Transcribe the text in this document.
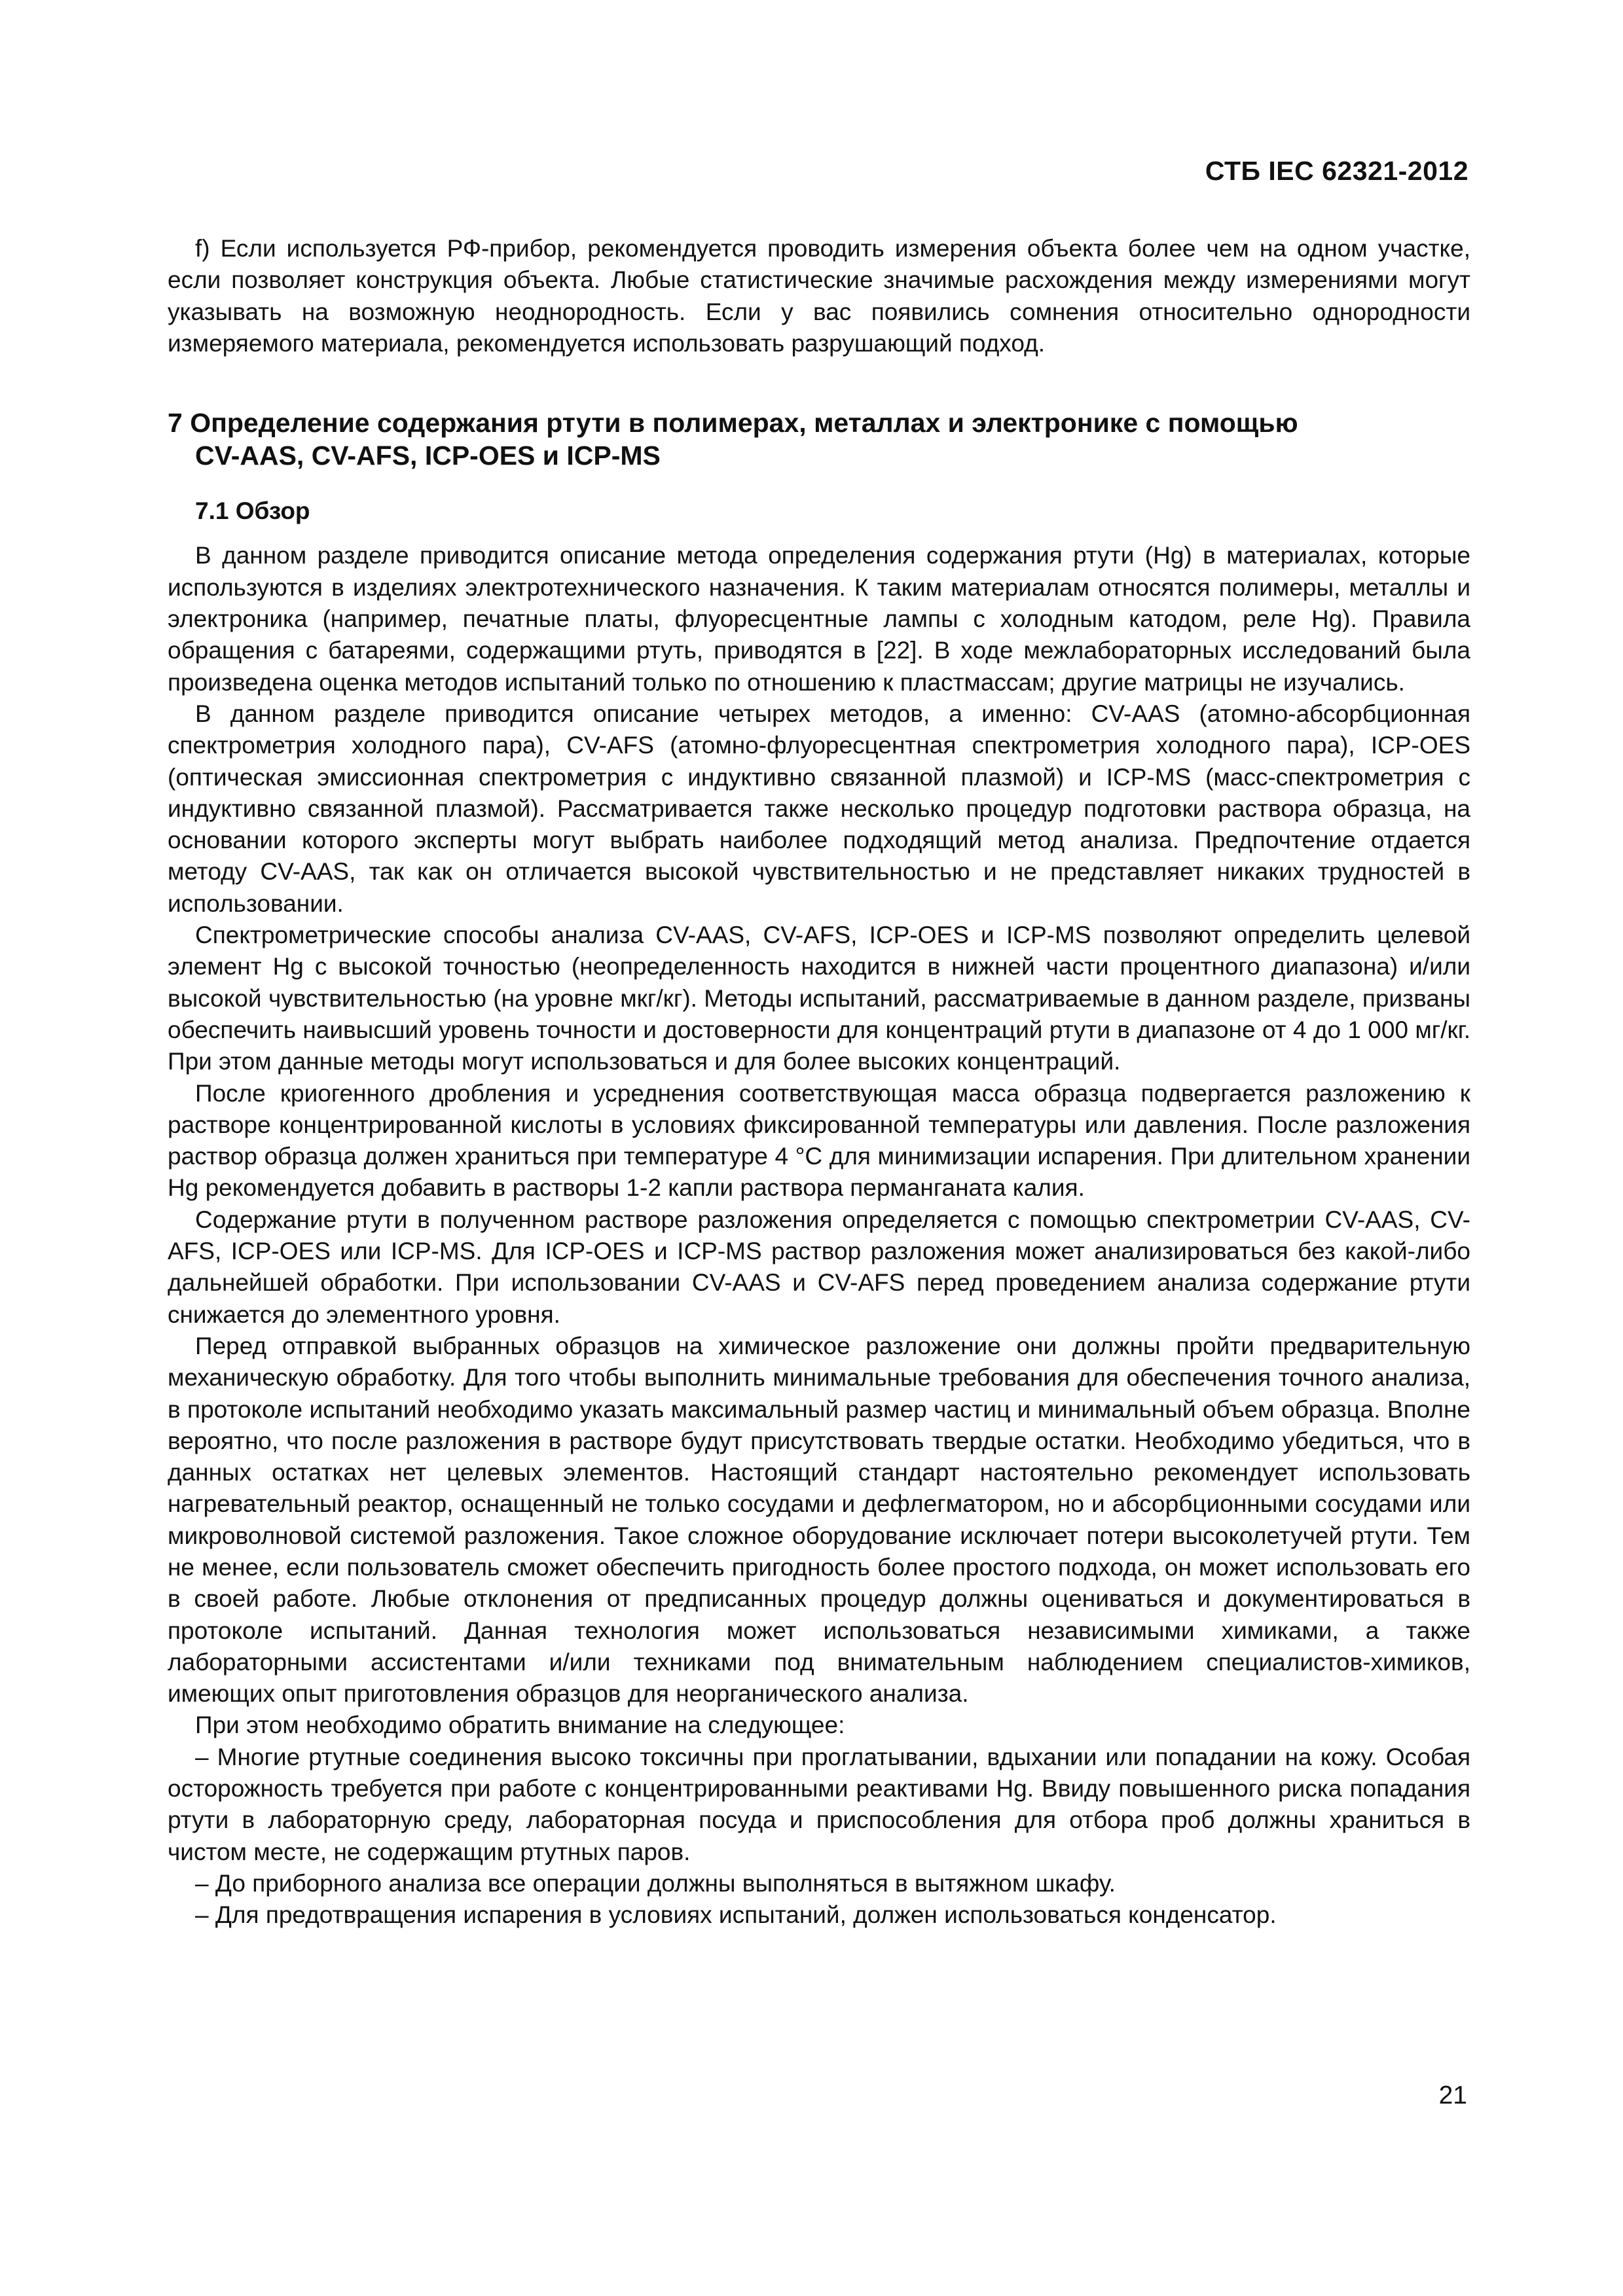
СТБ IEC 62321-2012

f) Если используется РФ-прибор, рекомендуется проводить измерения объекта более чем на одном участке, если позволяет конструкция объекта. Любые статистические значимые расхождения между измерениями могут указывать на возможную неоднородность. Если у вас появились сомнения относительно однородности измеряемого материала, рекомендуется использовать разрушающий подход.

7 Определение содержания ртути в полимерах, металлах и электронике с помощью
CV-AAS, CV-AFS, ICP-OES и ICP-MS
7.1 Обзор

В данном разделе приводится описание метода определения содержания ртути (Hg) в материалах, которые используются в изделиях электротехнического назначения. К таким материалам относятся полимеры, металлы и электроника (например, печатные платы, флуоресцентные лампы с холодным катодом, реле Hg). Правила обращения с батареями, содержащими ртуть, приводятся в [22]. В ходе межлабораторных исследований была произведена оценка методов испытаний только по отношению к пластмассам; другие матрицы не изучались.

В данном разделе приводится описание четырех методов, а именно: CV-AAS (атомно-абсорбционная спектрометрия холодного пара), CV-AFS (атомно-флуоресцентная спектрометрия холодного пара), ICP-OES (оптическая эмиссионная спектрометрия с индуктивно связанной плазмой) и ICP-MS (масс-спектрометрия с индуктивно связанной плазмой). Рассматривается также несколько процедур подготовки раствора образца, на основании которого эксперты могут выбрать наиболее подходящий метод анализа. Предпочтение отдается методу CV-AAS, так как он отличается высокой чувствительностью и не представляет никаких трудностей в использовании.

Спектрометрические способы анализа CV-AAS, CV-AFS, ICP-OES и ICP-MS позволяют определить целевой элемент Hg с высокой точностью (неопределенность находится в нижней части процентного диапазона) и/или высокой чувствительностью (на уровне мкг/кг). Методы испытаний, рассматриваемые в данном разделе, призваны обеспечить наивысший уровень точности и достоверности для концентраций ртути в диапазоне от 4 до 1 000 мг/кг. При этом данные методы могут использоваться и для более высоких концентраций.

После криогенного дробления и усреднения соответствующая масса образца подвергается разложению к растворе концентрированной кислоты в условиях фиксированной температуры или давления. После разложения раствор образца должен храниться при температуре 4 °C для минимизации испарения. При длительном хранении Hg рекомендуется добавить в растворы 1-2 капли раствора перманганата калия.

Содержание ртути в полученном растворе разложения определяется с помощью спектрометрии CV-AAS, CV-AFS, ICP-OES или ICP-MS. Для ICP-OES и ICP-MS раствор разложения может анализироваться без какой-либо дальнейшей обработки. При использовании CV-AAS и CV-AFS перед проведением анализа содержание ртути снижается до элементного уровня.

Перед отправкой выбранных образцов на химическое разложение они должны пройти предварительную механическую обработку. Для того чтобы выполнить минимальные требования для обеспечения точного анализа, в протоколе испытаний необходимо указать максимальный размер частиц и минимальный объем образца. Вполне вероятно, что после разложения в растворе будут присутствовать твердые остатки. Необходимо убедиться, что в данных остатках нет целевых элементов. Настоящий стандарт настоятельно рекомендует использовать нагревательный реактор, оснащенный не только сосудами и дефлегматором, но и абсорбционными сосудами или микроволновой системой разложения. Такое сложное оборудование исключает потери высоколетучей ртути. Тем не менее, если пользователь сможет обеспечить пригодность более простого подхода, он может использовать его в своей работе. Любые отклонения от предписанных процедур должны оцениваться и документироваться в протоколе испытаний. Данная технология может использоваться независимыми химиками, а также лабораторными ассистентами и/или техниками под внимательным наблюдением специалистов-химиков, имеющих опыт приготовления образцов для неорганического анализа.

При этом необходимо обратить внимание на следующее:

– Многие ртутные соединения высоко токсичны при проглатывании, вдыхании или попадании на кожу. Особая осторожность требуется при работе с концентрированными реактивами Hg. Ввиду повышенного риска попадания ртути в лабораторную среду, лабораторная посуда и приспособления для отбора проб должны храниться в чистом месте, не содержащим ртутных паров.

– До приборного анализа все операции должны выполняться в вытяжном шкафу.

– Для предотвращения испарения в условиях испытаний, должен использоваться конденсатор.

21
